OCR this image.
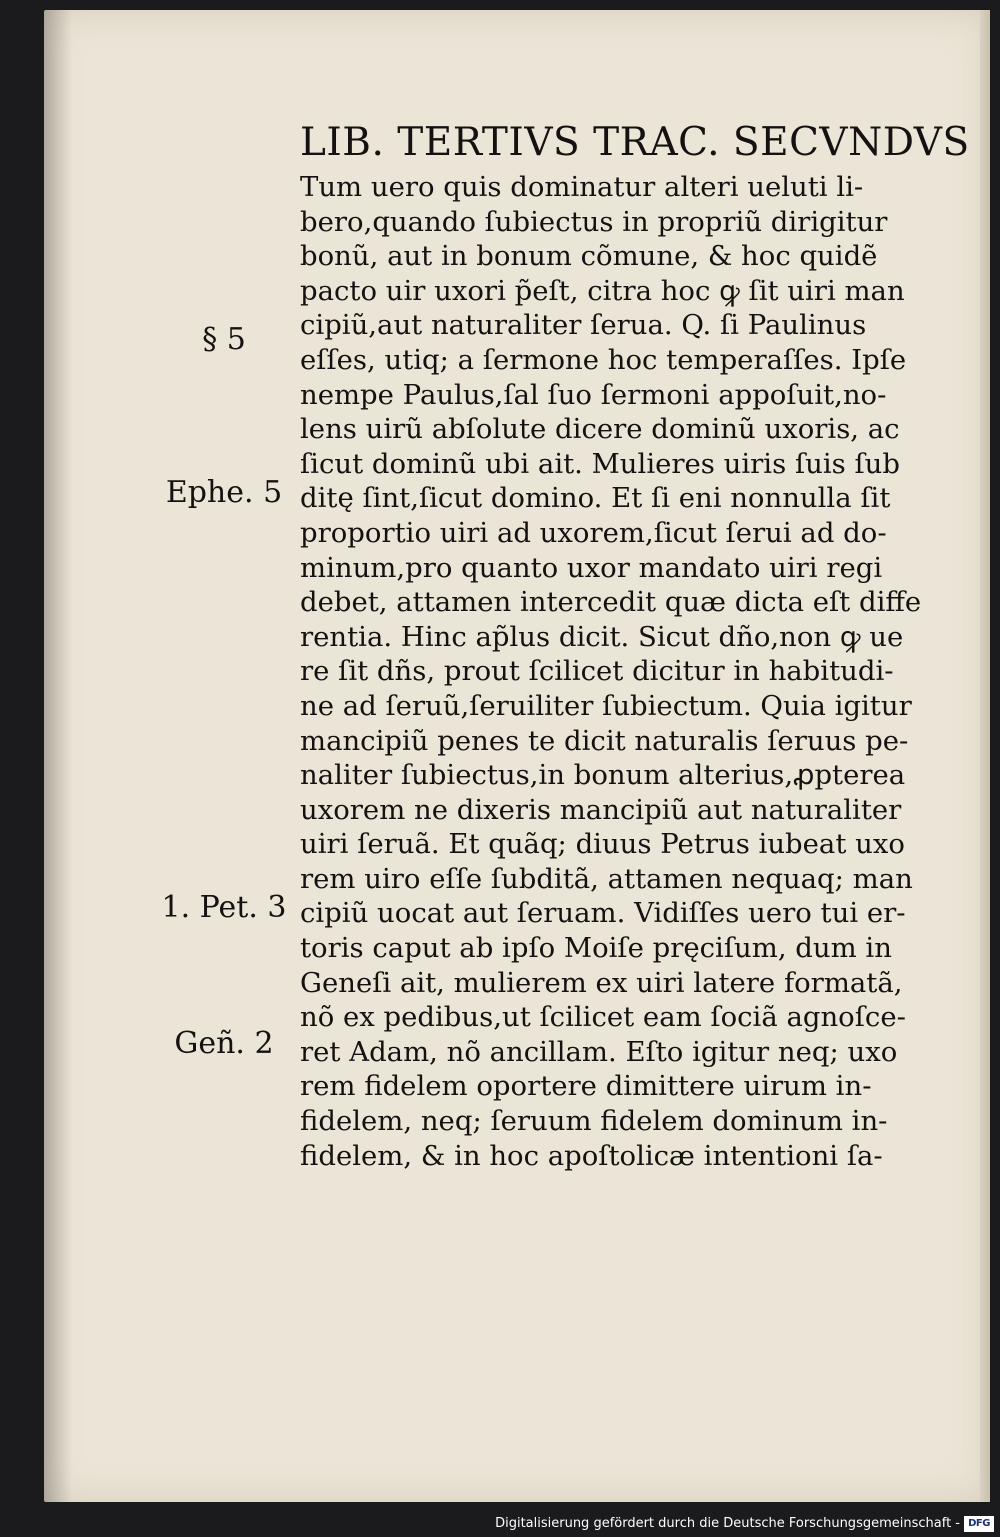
LIB. TERTIVS TRAC. SECVNDVS
Tum uero quis dominatur alteri ueluti li-
bero,quando ſubiectus in propriũ dirigitur
bonũ, aut in bonum cõmune, & hoc quidẽ
pacto uir uxori p̃eſt, citra hoc ꝙ ſit uiri man
cipiũ,aut naturaliter ſerua. Q. ſi Paulinus
eſſes, utiq; a ſermone hoc temperaſſes. Ipſe
nempe Paulus,ſal ſuo ſermoni appoſuit,no-
lens uirũ abſolute dicere dominũ uxoris, ac
ſicut dominũ ubi ait. Mulieres uiris ſuis ſub
ditę ſint,ſicut domino. Et ſi eni nonnulla ſit
proportio uiri ad uxorem,ſicut ſerui ad do-
minum,pro quanto uxor mandato uiri regi
debet, attamen intercedit quæ dicta eſt diffe
rentia. Hinc ap̃lus dicit. Sicut dño,non ꝙ ue
re ſit dñs, prout ſcilicet dicitur in habitudi-
ne ad ſeruũ,ſeruiliter ſubiectum. Quia igitur
mancipiũ penes te dicit naturalis ſeruus pe-
naliter ſubiectus,in bonum alterius,ꝓpterea
uxorem ne dixeris mancipiũ aut naturaliter
uiri ſeruã. Et quãq; diuus Petrus iubeat uxo
rem uiro eſſe ſubditã, attamen nequaq; man
cipiũ uocat aut ſeruam. Vidiſſes uero tui er-
toris caput ab ipſo Moiſe pręciſum, dum in
Geneſi ait, mulierem ex uiri latere formatã,
nõ ex pedibus,ut ſcilicet eam ſociã agnoſce-
ret Adam, nõ ancillam. Eſto igitur neq; uxo
rem fidelem oportere dimittere uirum in-
fidelem, neq; ſeruum fidelem dominum in-
fidelem, & in hoc apoſtolicæ intentioni ſa-
§ 5
Ephe. 5
1. Pet. 3
Geñ. 2
Digitalisierung gefördert durch die Deutsche Forschungsgemeinschaft - DFG
